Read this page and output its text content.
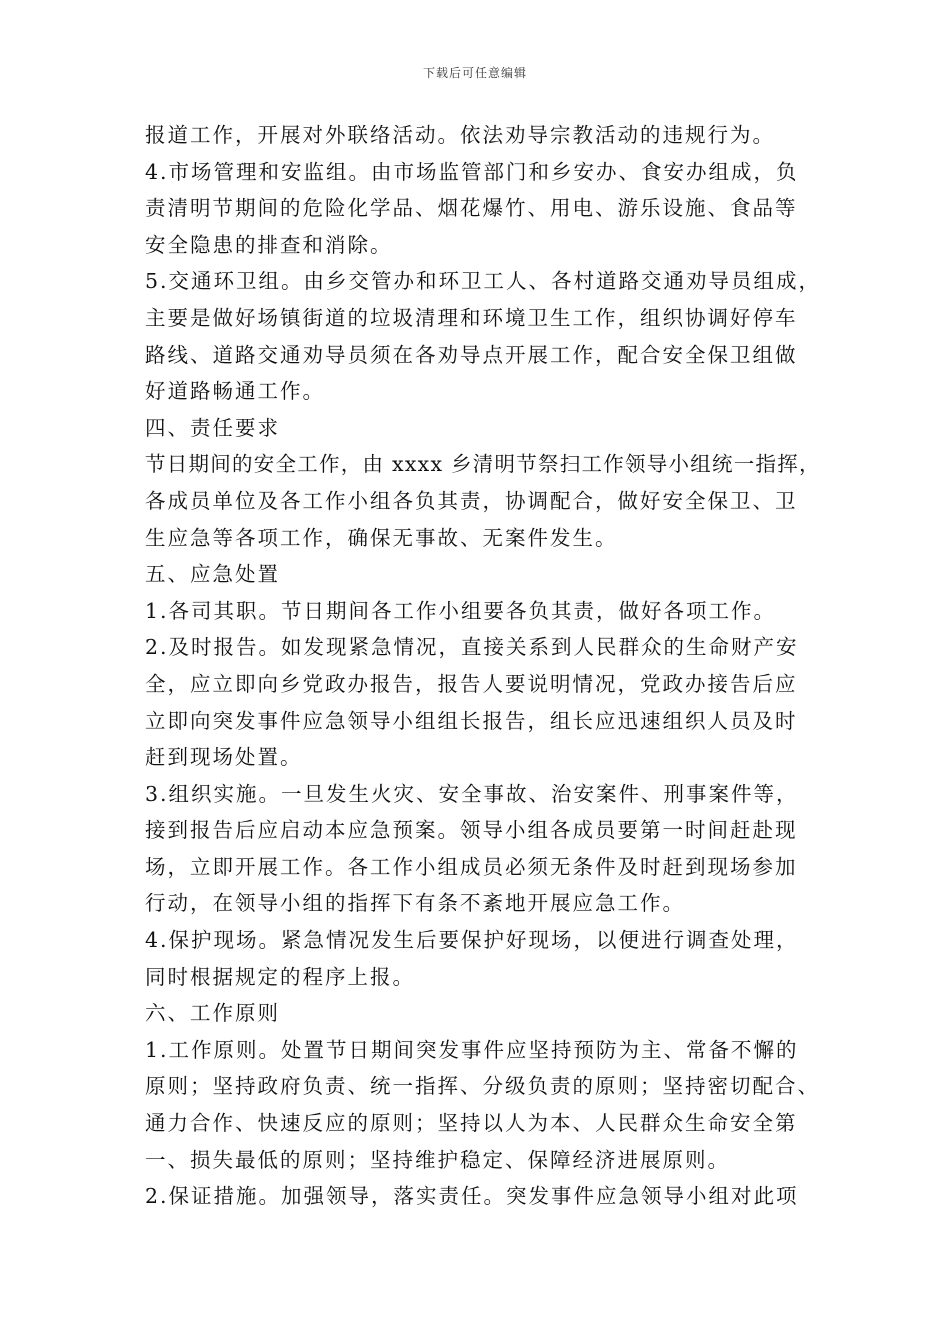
下载后可任意编辑
报道工作，开展对外联络活动。依法劝导宗教活动的违规行为。
4.市场管理和安监组。由市场监管部门和乡安办、食安办组成，负
责清明节期间的危险化学品、烟花爆竹、用电、游乐设施、食品等
安全隐患的排查和消除。
5.交通环卫组。由乡交管办和环卫工人、各村道路交通劝导员组成，
主要是做好场镇街道的垃圾清理和环境卫生工作，组织协调好停车
路线、道路交通劝导员须在各劝导点开展工作，配合安全保卫组做
好道路畅通工作。
四、责任要求
节日期间的安全工作，由 xxxx 乡清明节祭扫工作领导小组统一指挥，
各成员单位及各工作小组各负其责，协调配合，做好安全保卫、卫
生应急等各项工作，确保无事故、无案件发生。
五、应急处置
1.各司其职。节日期间各工作小组要各负其责，做好各项工作。
2.及时报告。如发现紧急情况，直接关系到人民群众的生命财产安
全，应立即向乡党政办报告，报告人要说明情况，党政办接告后应
立即向突发事件应急领导小组组长报告，组长应迅速组织人员及时
赶到现场处置。
3.组织实施。一旦发生火灾、安全事故、治安案件、刑事案件等，
接到报告后应启动本应急预案。领导小组各成员要第一时间赶赴现
场，立即开展工作。各工作小组成员必须无条件及时赶到现场参加
行动，在领导小组的指挥下有条不紊地开展应急工作。
4.保护现场。紧急情况发生后要保护好现场，以便进行调查处理，
同时根据规定的程序上报。
六、工作原则
1.工作原则。处置节日期间突发事件应坚持预防为主、常备不懈的
原则；坚持政府负责、统一指挥、分级负责的原则；坚持密切配合、
通力合作、快速反应的原则；坚持以人为本、人民群众生命安全第
一、损失最低的原则；坚持维护稳定、保障经济进展原则。
2.保证措施。加强领导，落实责任。突发事件应急领导小组对此项
